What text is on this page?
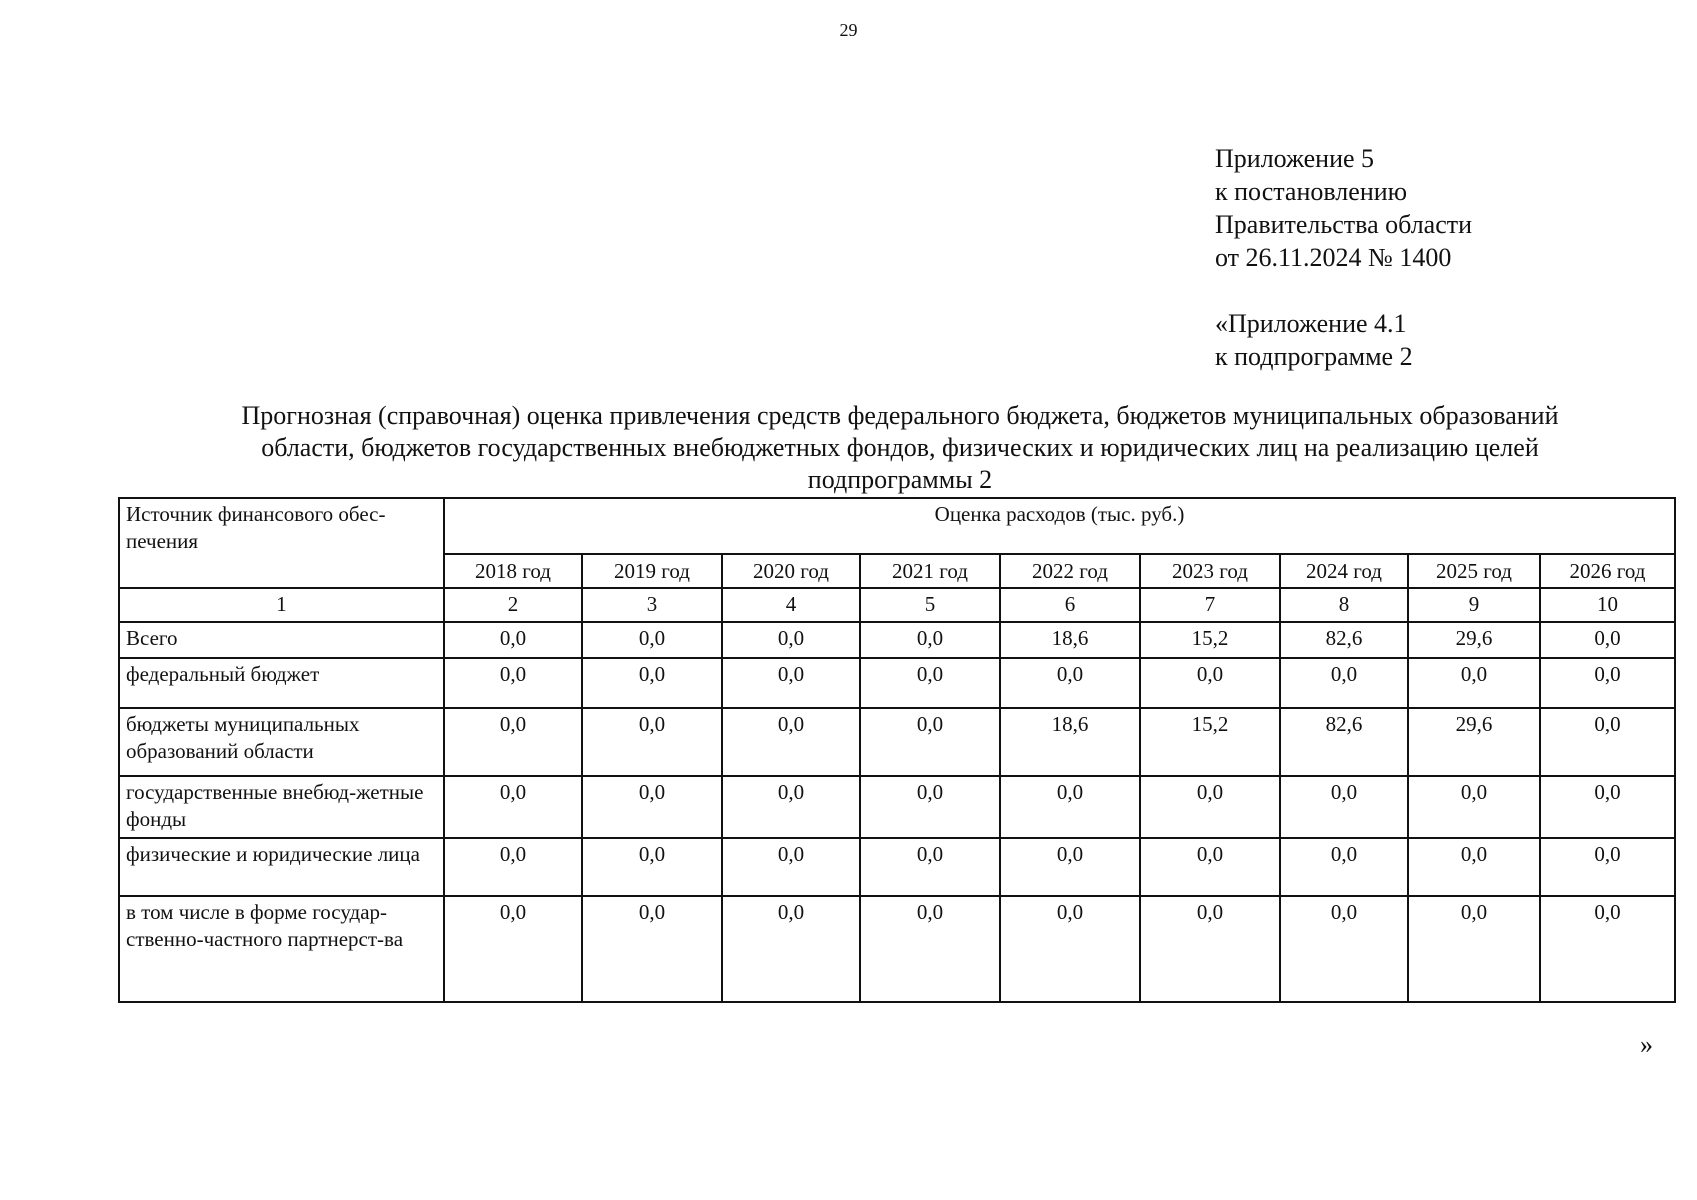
29
Приложение 5
к постановлению
Правительства области
от 26.11.2024 № 1400
«Приложение 4.1
к подпрограмме 2
Прогнозная (справочная) оценка привлечения средств федерального бюджета, бюджетов муниципальных образований
области, бюджетов государственных внебюджетных фондов, физических и юридических лиц на реализацию целей
подпрограммы 2
Источник финансового обес-печения	Оценка расходов (тыс. руб.)								
	2018 год	2019 год	2020 год	2021 год	2022 год	2023 год	2024 год	2025 год	2026 год
1	2	3	4	5	6	7	8	9	10
Всего	0,0	0,0	0,0	0,0	18,6	15,2	82,6	29,6	0,0
федеральный бюджет	0,0	0,0	0,0	0,0	0,0	0,0	0,0	0,0	0,0
бюджеты муниципальных образований области	0,0	0,0	0,0	0,0	18,6	15,2	82,6	29,6	0,0
государственные внебюд-жетные фонды	0,0	0,0	0,0	0,0	0,0	0,0	0,0	0,0	0,0
физические и юридические лица	0,0	0,0	0,0	0,0	0,0	0,0	0,0	0,0	0,0
в том числе в форме государ-ственно-частного партнерст-ва	0,0	0,0	0,0	0,0	0,0	0,0	0,0	0,0	0,0
»
